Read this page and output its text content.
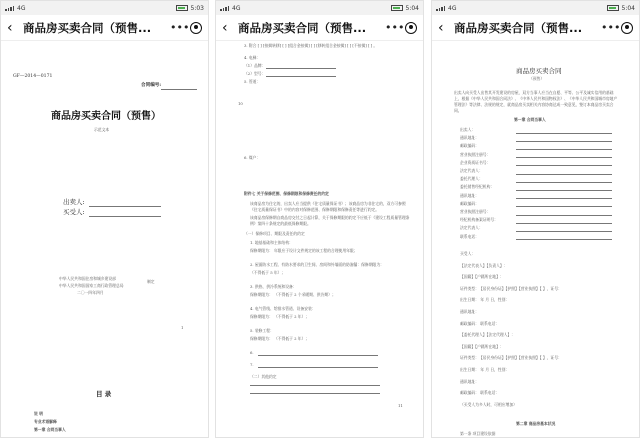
4G	5:03
‹ 商品房买卖合同（预售...	•••
GF—2014—0171
合同编号:
商品房买卖合同（预售）
示范文本
出卖人:
买受人:
中华人民共和国住房和城乡建设部
中华人民共和国国家工商行政管理总局
制定
二〇一四年四月
1
目 录
说 明
专业术语解释
第一章 合同当事人
4G	5:04
‹ 商品房买卖合同（预售...	•••
3. 附合 [ ] [按揭转移] [ ] [组合金按揭] [ ] [移转组合金按揭] [ ] [不按揭] [ ] 。
4. 电梯：
（1）品牌：
（2）型号：
5. 管道：
10
6. 煤户：
附件七 关于保修范围、保修期限和保修责任的约定
该商品房为住宅的，出卖人应当提供《住宅质量保证书》；该商品房为非住宅的，双方可参照《住宅质量保证书》中的内容对保修范围、保修期限和保修责任等进行约定。
该商品房保修期自商品房交付之日起计算，关于保修期限的约定不应低于《建设工程质量管理条例》第四十条规定的最低保修期限。
（一）保修项目、期限及责任的约定
1. 地基基础和主体结构：
保修期限为： 年限应于设计文件规定的该工程的合理使用年限；
2. 屋面防水工程、有防水要求的卫生间、房间和外墙面的防渗漏：保修期限为：
（不得低于 5 年）；
3. 供热、供冷系统和设备：
保修期限为： （不得低于 2 个采暖期、供冷期）；
4. 电气管线、给排水管道、设备安装：
保修期限为： （不得低于 2 年）；
5. 装修工程：
保修期限为： （不得低于 2 年）；
6.
7.
（二）其他约定
11
4G	5:04
‹ 商品房买卖合同（预售...	•••
商品房买卖合同
（预售）
出卖人向买受人出售其开发建设的房屋，双方当事人应当在自愿、平等、公平及诚实信用的基础上，根据《中华人民共和国合同法》、《中华人民共和国物权法》、《中华人民共和国城市房地产管理法》等法律、法规的规定，就商品房买卖相关内容协商达成一致意见，签订本商品房买卖合同。
第一章 合同当事人
出卖人：
通讯地址：
邮政编码：
营业执照注册号：
企业资质证书号：
法定代表人：
委托代理人：
委托销售经纪机构：
通讯地址：
邮政编码：
营业执照注册号：
经纪机构备案证明号：
法定代表人：
联系电话：
买受人：
【法定代表人】【负责人】：
【国籍】【户籍所在地】：
证件类型：【居民身份证】【护照】【营业执照】【 】，证号：
出生日期： 年 月 日，性别：
通讯地址：
邮政编码： 联系电话：
【委托代理人】【法定代理人】：
【国籍】【户籍所在地】：
证件类型：【居民身份证】【护照】【营业执照】【 】，证号：
出生日期： 年 月 日，性别：
通讯地址：
邮政编码： 联系电话：
（买受人为多人时，可相应增加）
第二章 商品房基本状况
第一条 项目建设依据
